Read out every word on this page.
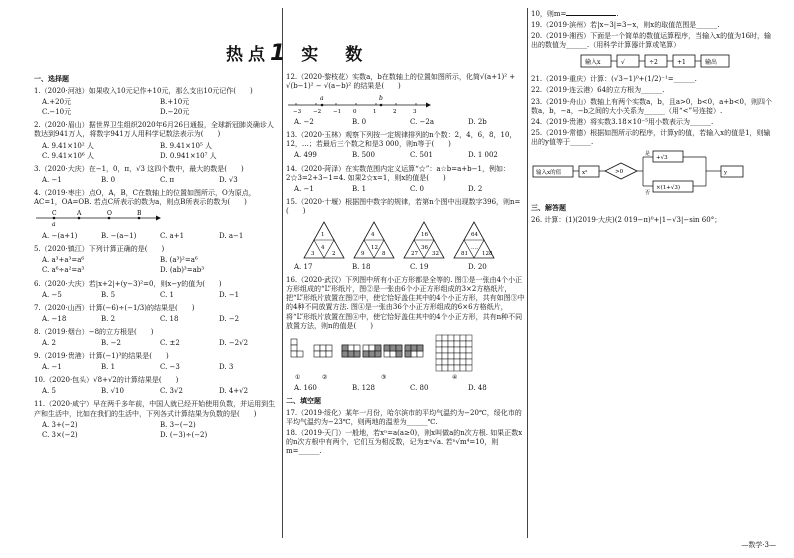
热点1 实　数
一、选择题
1.（2020·河池）如果收入10元记作+10元，那么支出10元记作(　　)
A.+20元	B.+10元
C.−10元	D.−20元
2.（2020·眉山）据世界卫生组织2020年6月26日通报，全球新冠肺炎确诊人数达到941万人，将数字941万人用科学记数法表示为(　　)
A. 9.41×10² 人	B. 9.41×10⁵ 人
C. 9.41×10⁶ 人	D. 0.941×10⁷ 人
3.（2020·大庆）在−1，0，π，√3 这四个数中，最大的数是(　　)
A. −1	B. 0	C. π	D. √3
4.（2019·枣庄）点O，A，B，C在数轴上的位置如图所示，O为原点，AC=1，OA=OB. 若点C所表示的数为a，则点B所表示的数为(　　)
C	A	O	B
a
A. −(a+1)	B. −(a−1)	C. a+1	D. a−1
5.（2020·镇江）下列计算正确的是(　　)
A. a³+a³=a⁶	B. (a³)²=a⁶
C. a⁶÷a²=a³	D. (ab)³=ab³
6.（2020·大庆）若|x+2|+(y−3)²=0，则x−y的值为(　　)
A. −5	B. 5	C. 1	D. −1
7.（2020·山西）计算(−6)÷(−1/3)的结果是(　　)
A. −18	B. 2	C. 18	D. −2
8.（2019·烟台）−8的立方根是(　　)
A. 2	B. −2	C. ±2	D. −2√2
9.（2019·贵港）计算(−1)³的结果是(　　)
A. −1	B. 1	C. −3	D. 3
10.（2020·包头）√8+√2的计算结果是(　　)
A. 5	B. √10	C. 3√2	D. 4+√2
11.（2020·咸宁）早在两千多年前，中国人就已经开始使用负数，并运用到生产和生活中，比如在我们的生活中，下列各式计算结果为负数的是(　　)
A. 3+(−2)	B. 3−(−2)
C. 3×(−2)	D. (−3)÷(−2)
12.（2020·黎枝花）实数a，b在数轴上的位置如图所示，化简√(a+1)² + √(b−1)² − √(a−b)² 的结果是(　　)
−3 −2 −1 0	1	2	3
a	b
A. −2	B. 0	C. −2a	D. 2b
13.（2020·玉林）观察下列按一定规律排列的n个数：2，4，6，8，10，12，…；若最后三个数之和是3 000，则n等于(　　)
A. 499	B. 500	C. 501	D. 1 002
14.（2020·菏泽）在实数范围内定义运算“☆”：a☆b=a+b−1，例如：2☆3=2+3−1=4. 如果2☆x=1，则x的值是(　　)
A. −1	B. 1	C. 0	D. 2
15.（2020·十堰）根据图中数字的规律，若第n个图中出现数字396，则n=(　　)
1
3	2
4
4
9	8
12
16
27	32
36
64
81	128
....
A. 17	B. 18	C. 19	D. 20
16.（2020·武汉）下列图中所有小正方形都是全等的. 图①是一张由4个小正方形组成的“L”形纸片，图②是一张由6个小正方形组成的3×2方格纸片，把“L”形纸片放置在图②中，使它恰好盖住其中的4个小正方形，共有如图③中的4种不同放置方法. 图④是一张由36个小正方形组成的6×6方格纸片，将“L”形纸片放置在图④中，使它恰好盖住其中的4个小正方形，共有n种不同放置方法，则n的值是(　　)
①	②	③	④
A. 160	B. 128	C. 80	D. 48
二、填空题
17.（2019·绥化）某年一月份，哈尔滨市的平均气温约为−20℃，绥化市的平均气温约为−23℃，则两地的温差为______℃.
18.（2019·天门）一般地，若xⁿ=a(a≥0)，则x叫做a的n次方根. 如果正数x的n次方根中有两个，它们互为相反数，记为±ⁿ√a. 若ⁿ√m⁴=10，则m=______.
10，则m=	.
19.（2019·滨州）若|x−3|=3−x，则x的取值范围是______.
20.（2019·湘西）下面是一个简单的数值运算程序，当输入x的值为16时，输出的数值为______.（用科学计算器计算或笔算）
输入x	√	÷2	+1	输出
21.（2019·重庆）计算：(√3−1)⁰+(1/2)⁻¹=______.
22.（2019·连云港）64的立方根为______.
23.（2019·舟山）数轴上有两个实数a，b，且a>0，b<0，a+b<0，则四个数a，b，−a，−b之间的大小关系为______（用“<”号连接）.
24.（2019·贵港）将实数3.18×10⁻⁵用小数表示为______.
25.（2019·常德）根据如图所示的程序，计算y的值，若输入x的值是1，则输出的y值等于______.
输入x的值	x²	>0
是
否
+√3
×(1+√3)
y
三、解答题
26. 计算：(1)(2019·大庆)(2 019−π)⁰+|1−√3|−sin 60°；
—数学·3—
